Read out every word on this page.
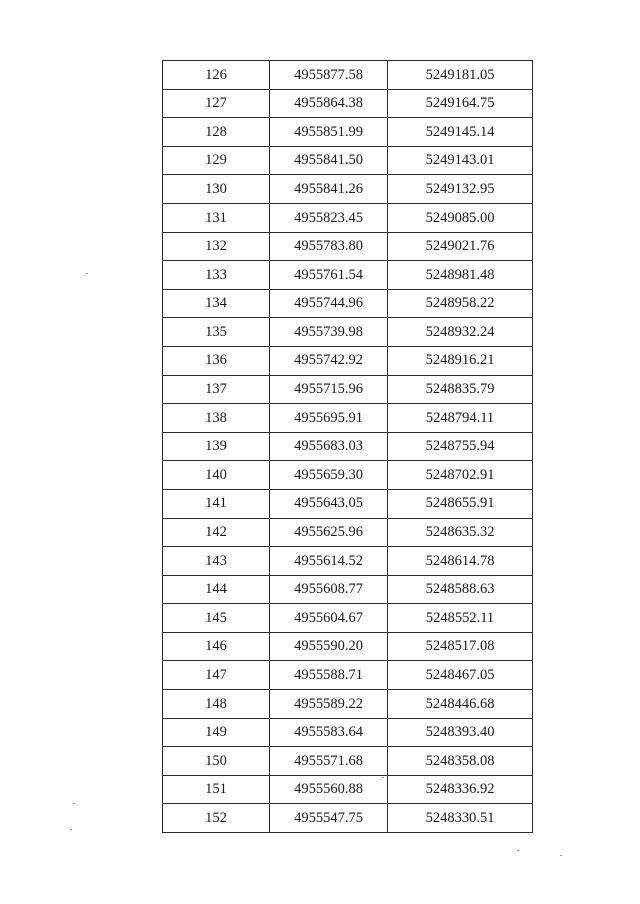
126	4955877.58	5249181.05
127	4955864.38	5249164.75
128	4955851.99	5249145.14
129	4955841.50	5249143.01
130	4955841.26	5249132.95
131	4955823.45	5249085.00
132	4955783.80	5249021.76
133	4955761.54	5248981.48
134	4955744.96	5248958.22
135	4955739.98	5248932.24
136	4955742.92	5248916.21
137	4955715.96	5248835.79
138	4955695.91	5248794.11
139	4955683.03	5248755.94
140	4955659.30	5248702.91
141	4955643.05	5248655.91
142	4955625.96	5248635.32
143	4955614.52	5248614.78
144	4955608.77	5248588.63
145	4955604.67	5248552.11
146	4955590.20	5248517.08
147	4955588.71	5248467.05
148	4955589.22	5248446.68
149	4955583.64	5248393.40
150	4955571.68	5248358.08
151	4955560.88	5248336.92
152	4955547.75	5248330.51
